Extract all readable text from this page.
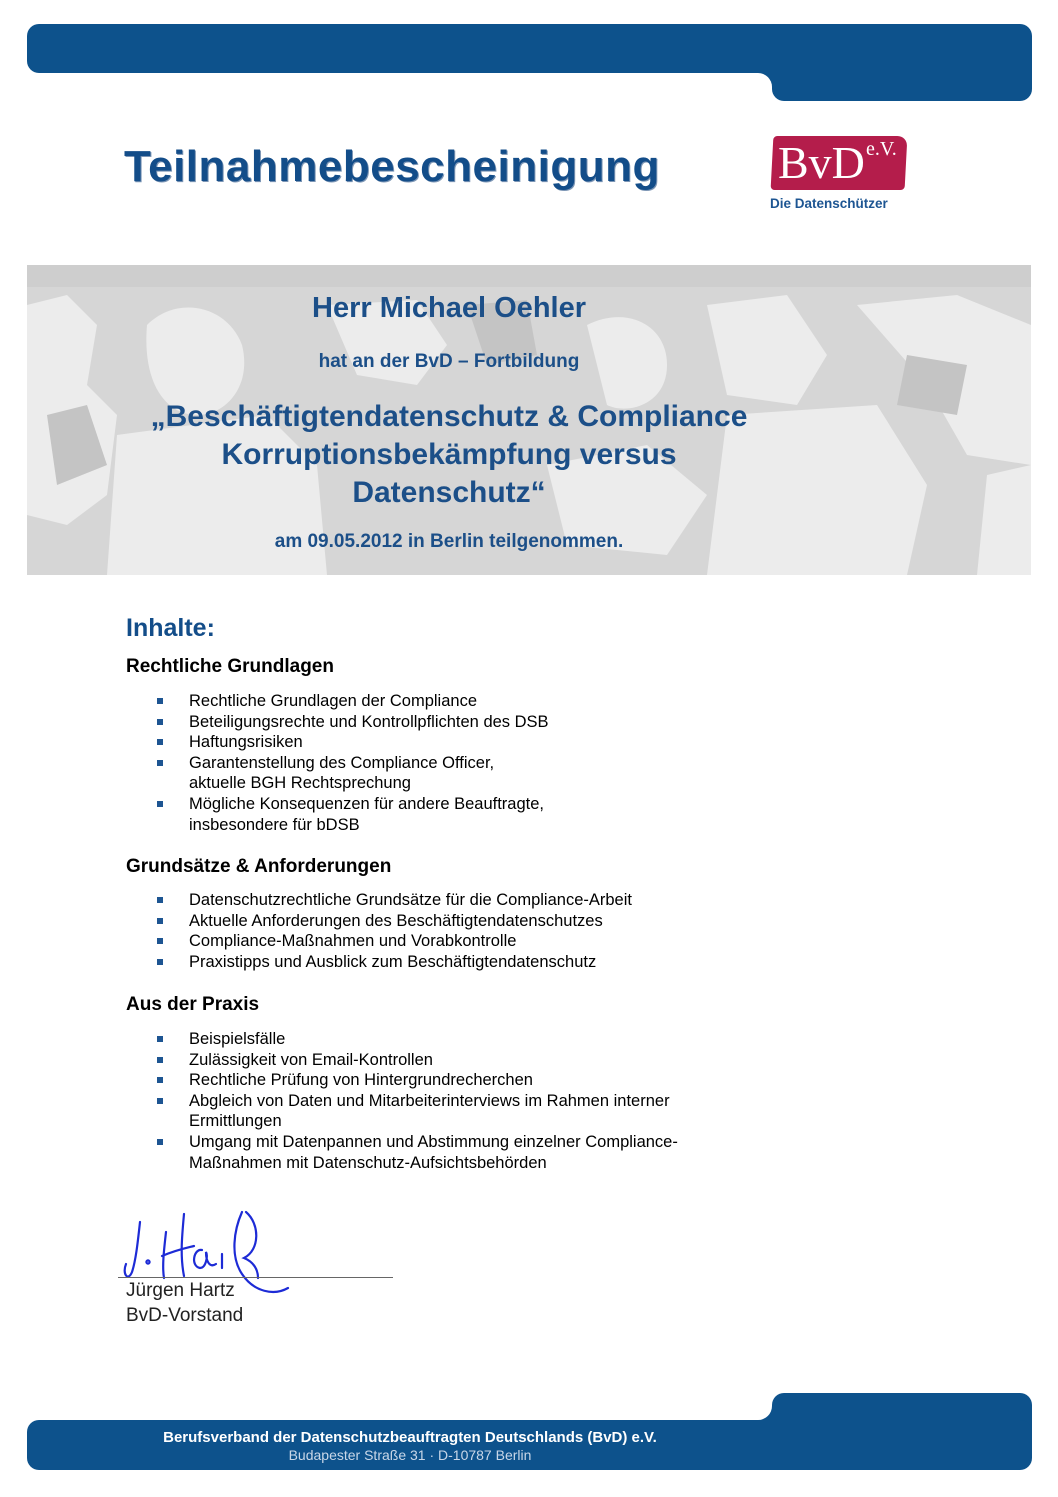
Teilnahmebescheinigung	BvD e.V.
Die Datenschützer
Herr Michael Oehler
hat an der BvD – Fortbildung
„Beschäftigtendatenschutz & Compliance
Korruptionsbekämpfung versus
Datenschutz“
am 09.05.2012 in Berlin teilgenommen.
Inhalte:
Rechtliche Grundlagen
Rechtliche Grundlagen der Compliance
Beteiligungsrechte und Kontrollpflichten des DSB
Haftungsrisiken
Garantenstellung des Compliance Officer,
aktuelle BGH Rechtsprechung
Mögliche Konsequenzen für andere Beauftragte,
insbesondere für bDSB
Grundsätze & Anforderungen
Datenschutzrechtliche Grundsätze für die Compliance-Arbeit
Aktuelle Anforderungen des Beschäftigtendatenschutzes
Compliance-Maßnahmen und Vorabkontrolle
Praxistipps und Ausblick zum Beschäftigtendatenschutz
Aus der Praxis
Beispielsfälle
Zulässigkeit von Email-Kontrollen
Rechtliche Prüfung von Hintergrundrecherchen
Abgleich von Daten und Mitarbeiterinterviews im Rahmen interner
Ermittlungen
Umgang mit Datenpannen und Abstimmung einzelner Compliance-
Maßnahmen mit Datenschutz-Aufsichtsbehörden
Jürgen Hartz
BvD-Vorstand
Berufsverband der Datenschutzbeauftragten Deutschlands (BvD) e.V.
Budapester Straße 31 · D-10787 Berlin
